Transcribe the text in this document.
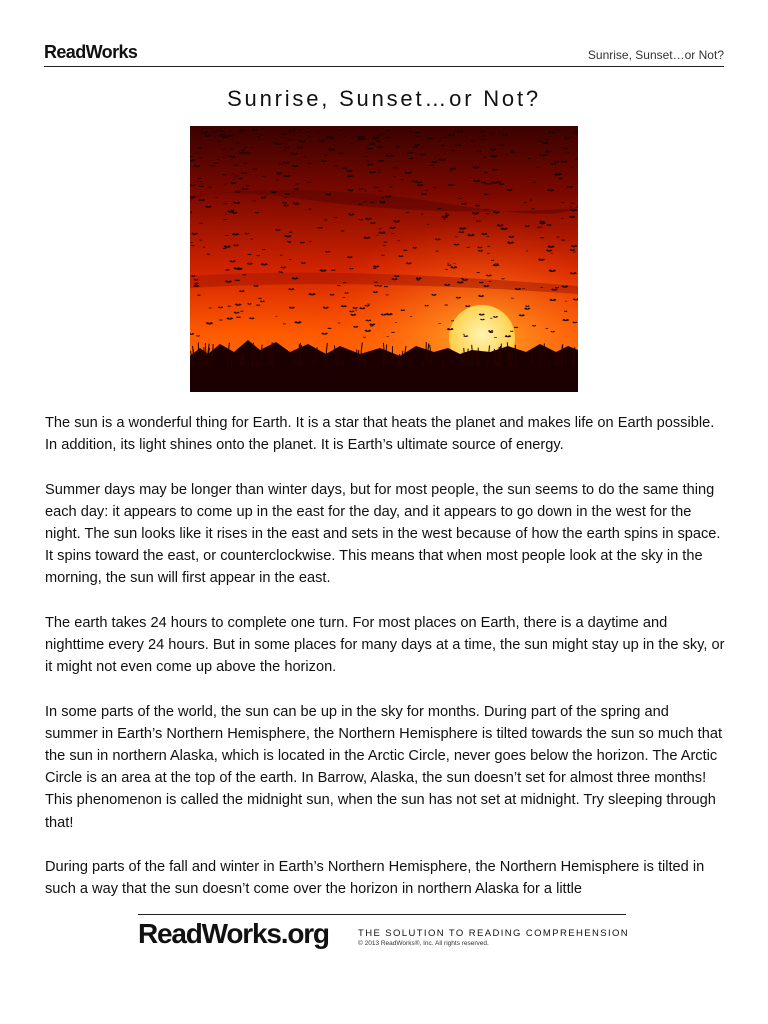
ReadWorks	Sunrise, Sunset…or Not?
Sunrise, Sunset…or Not?

The sun is a wonderful thing for Earth. It is a star that heats the planet and makes life on Earth possible. In addition, its light shines onto the planet. It is Earth’s ultimate source of energy.

Summer days may be longer than winter days, but for most people, the sun seems to do the same thing each day: it appears to come up in the east for the day, and it appears to go down in the west for the night. The sun looks like it rises in the east and sets in the west because of how the earth spins in space. It spins toward the east, or counterclockwise. This means that when most people look at the sky in the morning, the sun will first appear in the east.

The earth takes 24 hours to complete one turn. For most places on Earth, there is a daytime and nighttime every 24 hours. But in some places for many days at a time, the sun might stay up in the sky, or it might not even come up above the horizon.

In some parts of the world, the sun can be up in the sky for months. During part of the spring and summer in Earth’s Northern Hemisphere, the Northern Hemisphere is tilted towards the sun so much that the sun in northern Alaska, which is located in the Arctic Circle, never goes below the horizon. The Arctic Circle is an area at the top of the earth. In Barrow, Alaska, the sun doesn’t set for almost three months! This phenomenon is called the midnight sun, when the sun has not set at midnight. Try sleeping through that!

During parts of the fall and winter in Earth’s Northern Hemisphere, the Northern Hemisphere is tilted in such a way that the sun doesn’t come over the horizon in northern Alaska for a little

ReadWorks.org	THE SOLUTION TO READING COMPREHENSION
© 2013 ReadWorks®, Inc. All rights reserved.
